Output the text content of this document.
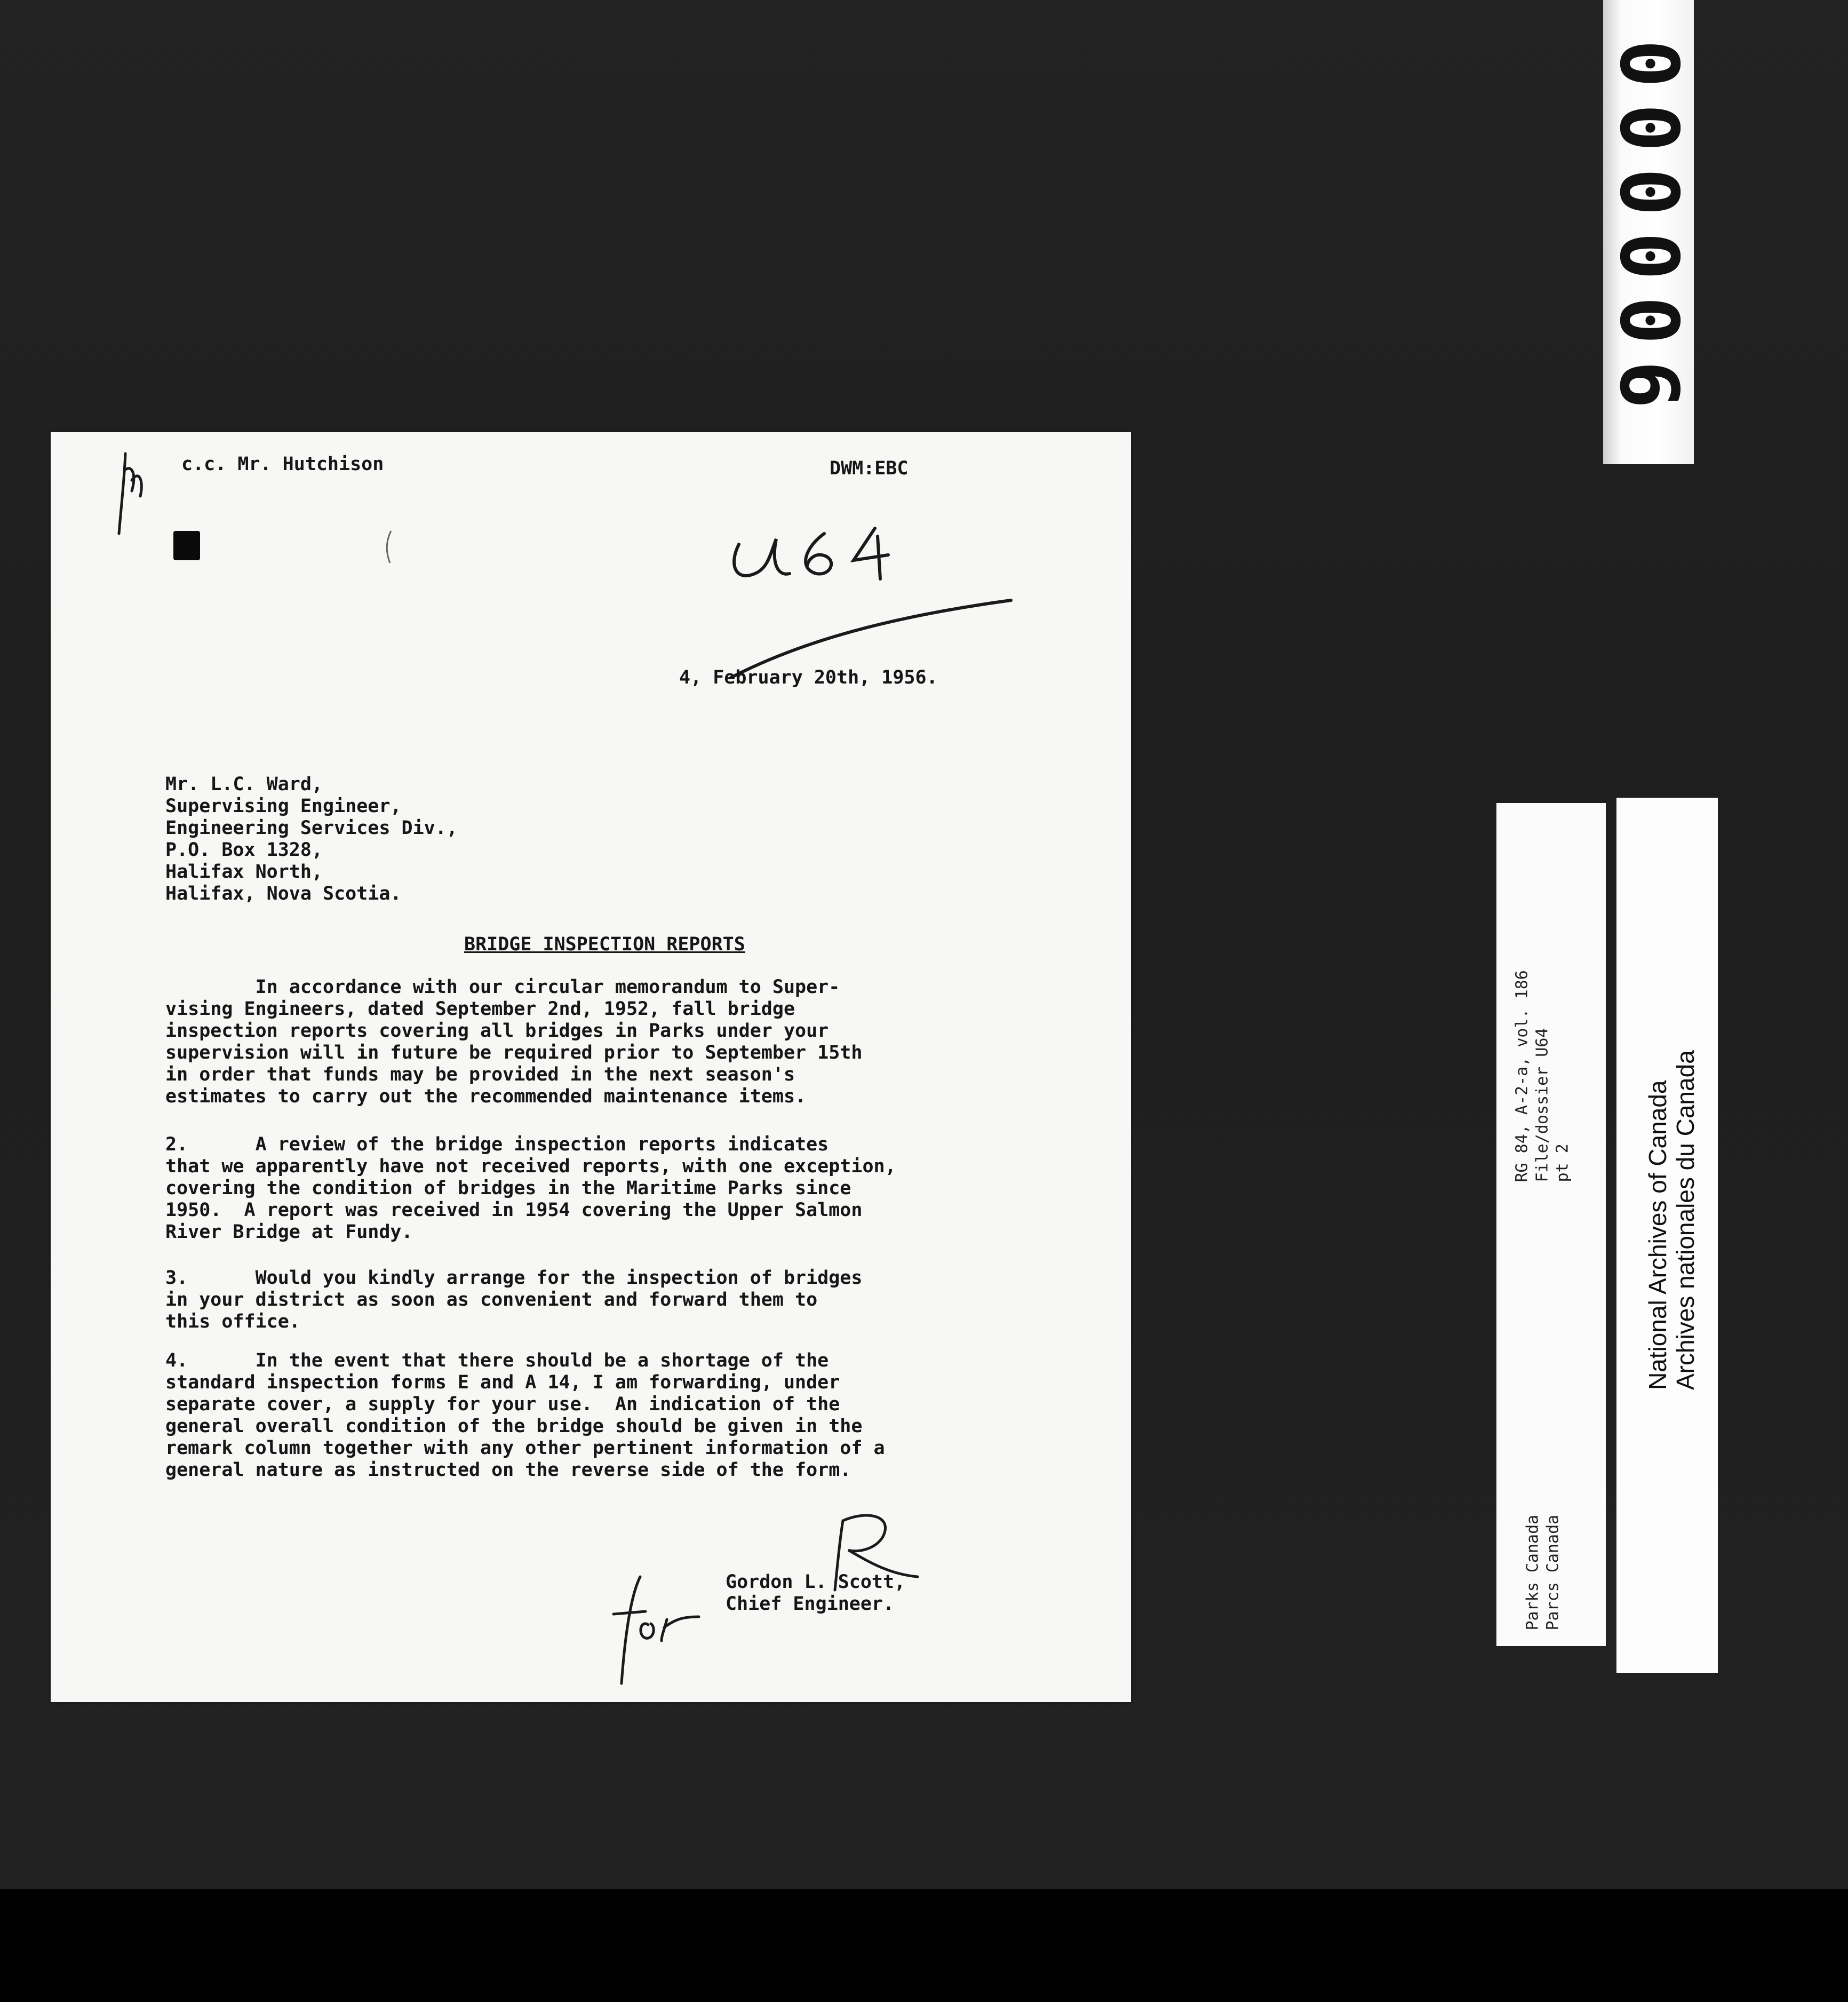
000006
RG 84, A-2-a, vol. 186 File/dossier U64 pt 2
Parks Canada Parcs Canada
National Archives of Canada Archives nationales du Canada
c.c. Mr. Hutchison	DWM:EBC
4, February 20th, 1956.
Mr. L.C. Ward,
Supervising Engineer,
Engineering Services Div.,
P.O. Box 1328,
Halifax North,
Halifax, Nova Scotia.
BRIDGE INSPECTION REPORTS
In accordance with our circular memorandum to Super-
vising Engineers, dated September 2nd, 1952, fall bridge
inspection reports covering all bridges in Parks under your
supervision will in future be required prior to September 15th
in order that funds may be provided in the next season's
estimates to carry out the recommended maintenance items.
2.      A review of the bridge inspection reports indicates
that we apparently have not received reports, with one exception,
covering the condition of bridges in the Maritime Parks since
1950.  A report was received in 1954 covering the Upper Salmon
River Bridge at Fundy.
3.      Would you kindly arrange for the inspection of bridges
in your district as soon as convenient and forward them to
this office.
4.      In the event that there should be a shortage of the
standard inspection forms E and A 14, I am forwarding, under
separate cover, a supply for your use.  An indication of the
general overall condition of the bridge should be given in the
remark column together with any other pertinent information of a
general nature as instructed on the reverse side of the form.
Gordon L. Scott,
Chief Engineer.
